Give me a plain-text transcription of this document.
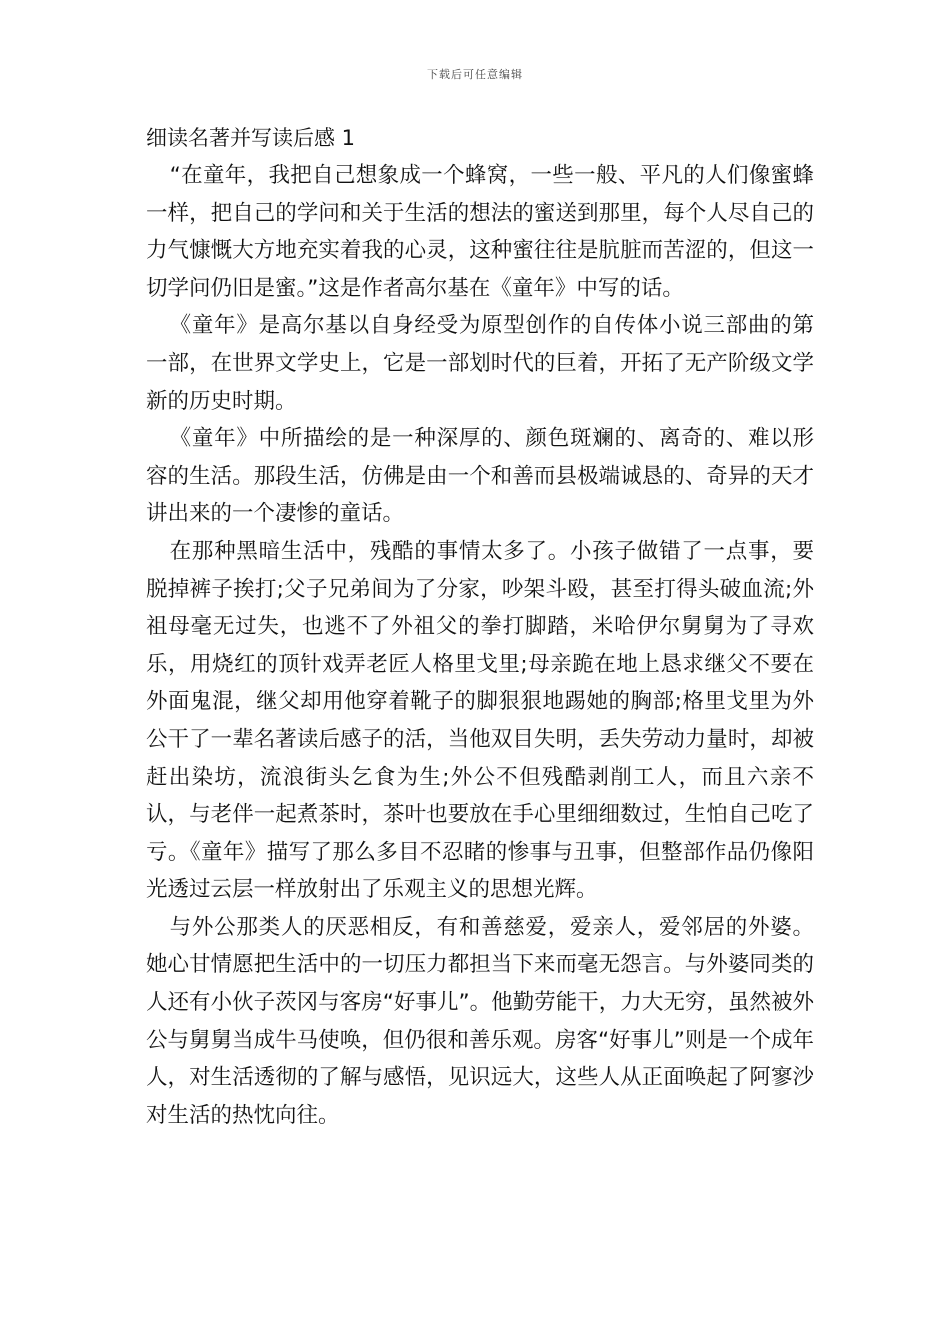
下载后可任意编辑
细读名著并写读后感 1

“在童年，我把自己想象成一个蜂窝，一些一般、平凡的人们像蜜蜂一样，把自己的学问和关于生活的想法的蜜送到那里，每个人尽自己的力气慷慨大方地充实着我的心灵，这种蜜往往是肮脏而苦涩的，但这一切学问仍旧是蜜。”这是作者高尔基在《童年》中写的话。

《童年》是高尔基以自身经受为原型创作的自传体小说三部曲的第一部，在世界文学史上，它是一部划时代的巨着，开拓了无产阶级文学新的历史时期。

《童年》中所描绘的是一种深厚的、颜色斑斓的、离奇的、难以形容的生活。那段生活，仿佛是由一个和善而县极端诚恳的、奇异的天才讲出来的一个凄惨的童话。

在那种黑暗生活中，残酷的事情太多了。小孩子做错了一点事，要脱掉裤子挨打;父子兄弟间为了分家，吵架斗殴，甚至打得头破血流;外祖母毫无过失，也逃不了外祖父的拳打脚踏，米哈伊尔舅舅为了寻欢乐，用烧红的顶针戏弄老匠人格里戈里;母亲跪在地上恳求继父不要在外面鬼混，继父却用他穿着靴子的脚狠狠地踢她的胸部;格里戈里为外公干了一辈名著读后感子的活，当他双目失明，丢失劳动力量时，却被赶出染坊，流浪街头乞食为生;外公不但残酷剥削工人，而且六亲不认，与老伴一起煮茶时，茶叶也要放在手心里细细数过，生怕自己吃了亏。《童年》描写了那么多目不忍睹的惨事与丑事，但整部作品仍像阳光透过云层一样放射出了乐观主义的思想光辉。

与外公那类人的厌恶相反，有和善慈爱，爱亲人，爱邻居的外婆。她心甘情愿把生活中的一切压力都担当下来而毫无怨言。与外婆同类的人还有小伙子茨冈与客房“好事儿”。他勤劳能干，力大无穷，虽然被外公与舅舅当成牛马使唤，但仍很和善乐观。房客“好事儿”则是一个成年人，对生活透彻的了解与感悟，见识远大，这些人从正面唤起了阿寥沙对生活的热忱向往。
